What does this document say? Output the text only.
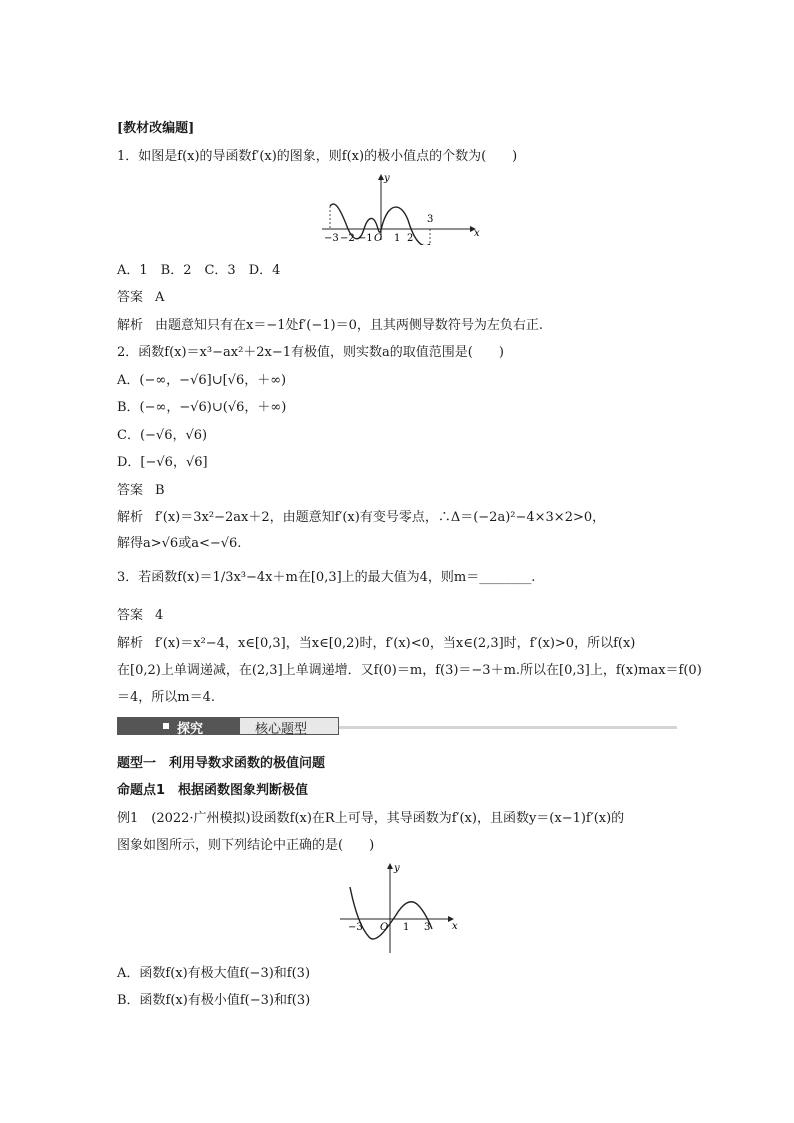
[教材改编题]
1．如图是f(x)的导函数f′(x)的图象，则f(x)的极小值点的个数为(　　)
x
y
−3 −2 −1 O 1 2
3
A．1　B．2　C．3　D．4
答案 A
解析 由题意知只有在x＝−1处f′(−1)＝0，且其两侧导数符号为左负右正.
2．函数f(x)＝x³−ax²＋2x−1有极值，则实数a的取值范围是(　　)
A．(−∞，−√6]∪[√6，＋∞)
B．(−∞，−√6)∪(√6，＋∞)
C．(−√6，√6)
D．[−√6，√6]
答案 B
解析 f′(x)＝3x²−2ax＋2，由题意知f′(x)有变号零点，∴Δ＝(−2a)²−4×3×2>0，
解得a>√6或a<−√6.
3．若函数f(x)＝1/3x³−4x＋m在[0,3]上的最大值为4，则m＝________.
答案 4
解析 f′(x)＝x²−4，x∈[0,3]，当x∈[0,2)时，f′(x)<0，当x∈(2,3]时，f′(x)>0，所以f(x)
在[0,2)上单调递减，在(2,3]上单调递增．又f(0)＝m，f(3)＝−3＋m.所以在[0,3]上，f(x)max＝f(0)
＝4，所以m＝4.
探究	核心题型
题型一　利用导数求函数的极值问题
命题点1　根据函数图象判断极值
例1　(2022·广州模拟)设函数f(x)在R上可导，其导函数为f′(x)，且函数y＝(x−1)f′(x)的
图象如图所示，则下列结论中正确的是(　　)
x
y
−3 O 1 3
A．函数f(x)有极大值f(−3)和f(3)
B．函数f(x)有极小值f(−3)和f(3)
